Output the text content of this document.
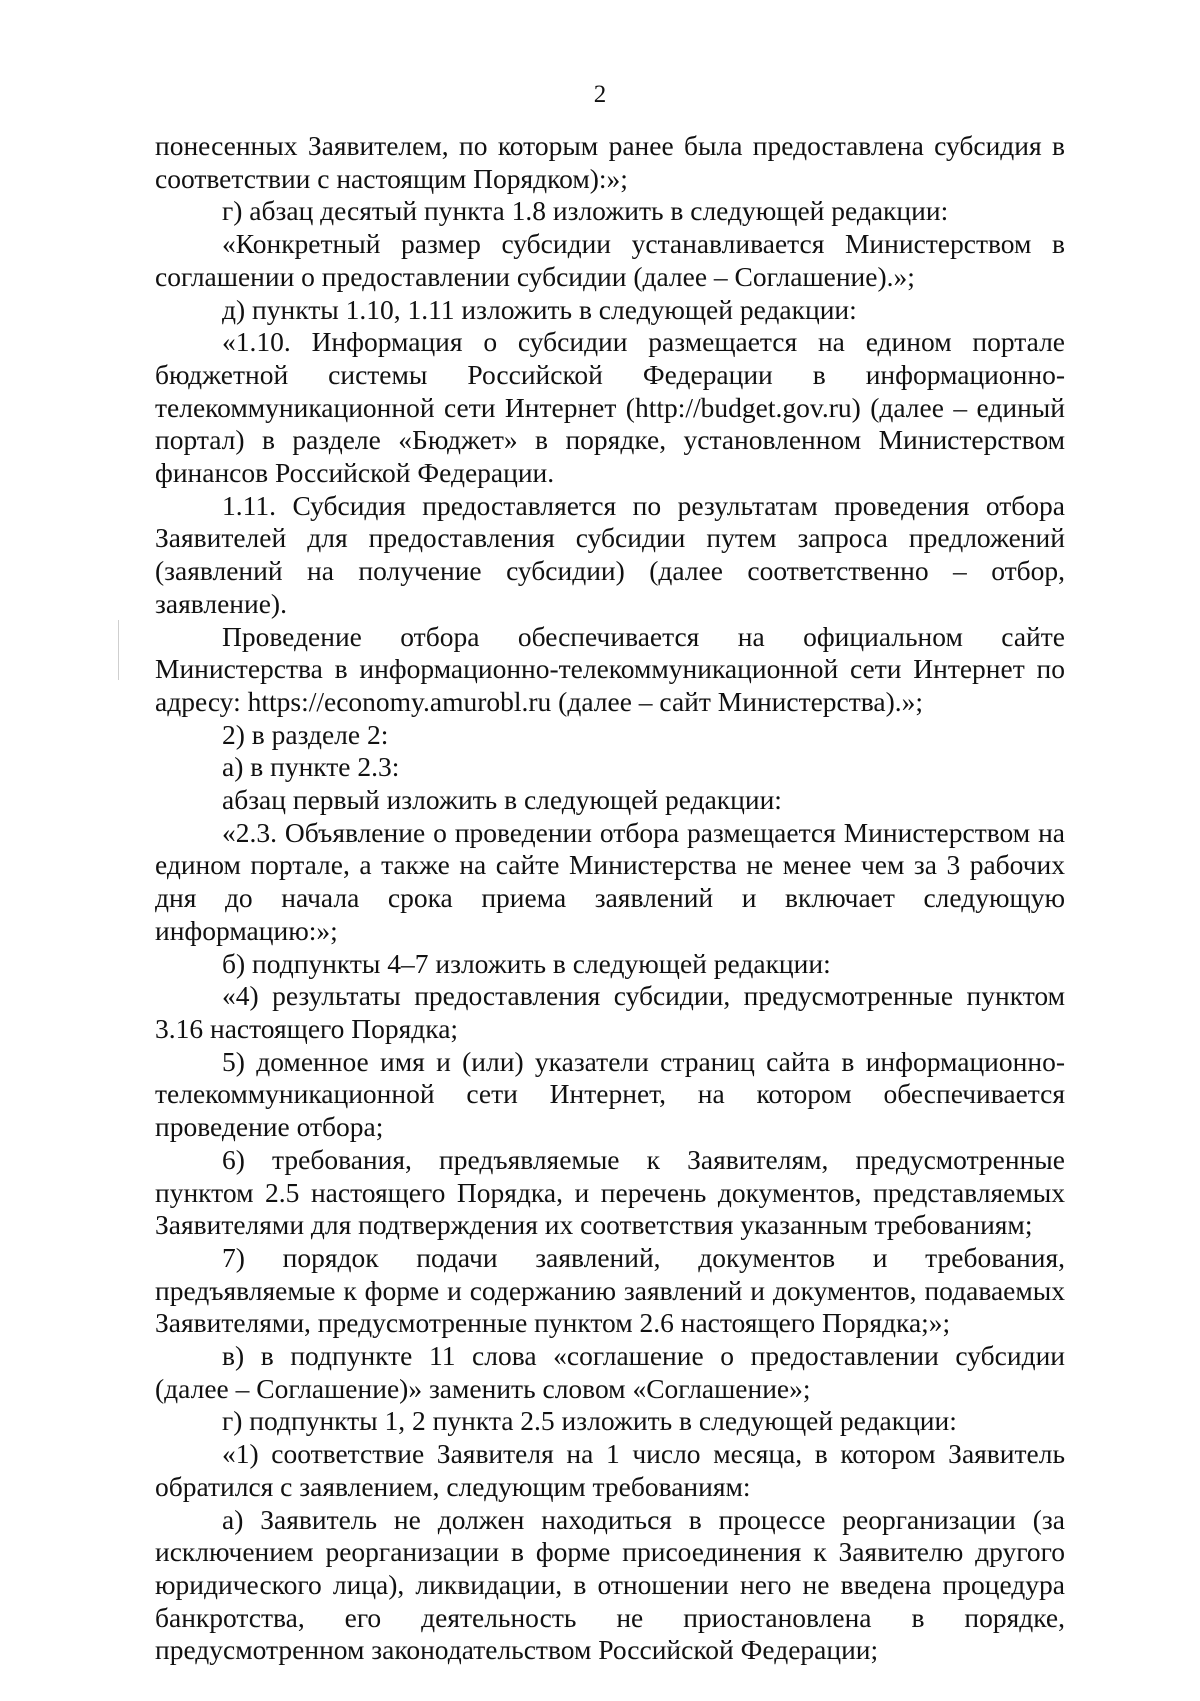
2

понесенных Заявителем, по которым ранее была предоставлена субсидия в соответствии с настоящим Порядком):»;

г) абзац десятый пункта 1.8 изложить в следующей редакции:

«Конкретный размер субсидии устанавливается Министерством в соглашении о предоставлении субсидии (далее – Соглашение).»;

д) пункты 1.10, 1.11 изложить в следующей редакции:

«1.10. Информация о субсидии размещается на едином портале бюджетной системы Российской Федерации в информационно-телекоммуникационной сети Интернет (http://budget.gov.ru) (далее – единый портал) в разделе «Бюджет» в порядке, установленном Министерством финансов Российской Федерации.

1.11. Субсидия предоставляется по результатам проведения отбора Заявителей для предоставления субсидии путем запроса предложений (заявлений на получение субсидии) (далее соответственно – отбор, заявление).

Проведение отбора обеспечивается на официальном сайте Министерства в информационно-телекоммуникационной сети Интернет по адресу: https://economy.amurobl.ru (далее – сайт Министерства).»;

2) в разделе 2:

а) в пункте 2.3:

абзац первый изложить в следующей редакции:

«2.3. Объявление о проведении отбора размещается Министерством на едином портале, а также на сайте Министерства не менее чем за 3 рабочих дня до начала срока приема заявлений и включает следующую информацию:»;

б) подпункты 4–7 изложить в следующей редакции:

«4) результаты предоставления субсидии, предусмотренные пунктом 3.16 настоящего Порядка;

5) доменное имя и (или) указатели страниц сайта в информационно-телекоммуникационной сети Интернет, на котором обеспечивается проведение отбора;

6) требования, предъявляемые к Заявителям, предусмотренные пунктом 2.5 настоящего Порядка, и перечень документов, представляемых Заявителями для подтверждения их соответствия указанным требованиям;

7) порядок подачи заявлений, документов и требования, предъявляемые к форме и содержанию заявлений и документов, подаваемых Заявителями, предусмотренные пунктом 2.6 настоящего Порядка;»;

в) в подпункте 11 слова «соглашение о предоставлении субсидии (далее – Соглашение)» заменить словом «Соглашение»;

г) подпункты 1, 2 пункта 2.5 изложить в следующей редакции:

«1) соответствие Заявителя на 1 число месяца, в котором Заявитель обратился с заявлением, следующим требованиям:

а) Заявитель не должен находиться в процессе реорганизации (за исключением реорганизации в форме присоединения к Заявителю другого юридического лица), ликвидации, в отношении него не введена процедура банкротства, его деятельность не приостановлена в порядке, предусмотренном законодательством Российской Федерации;
